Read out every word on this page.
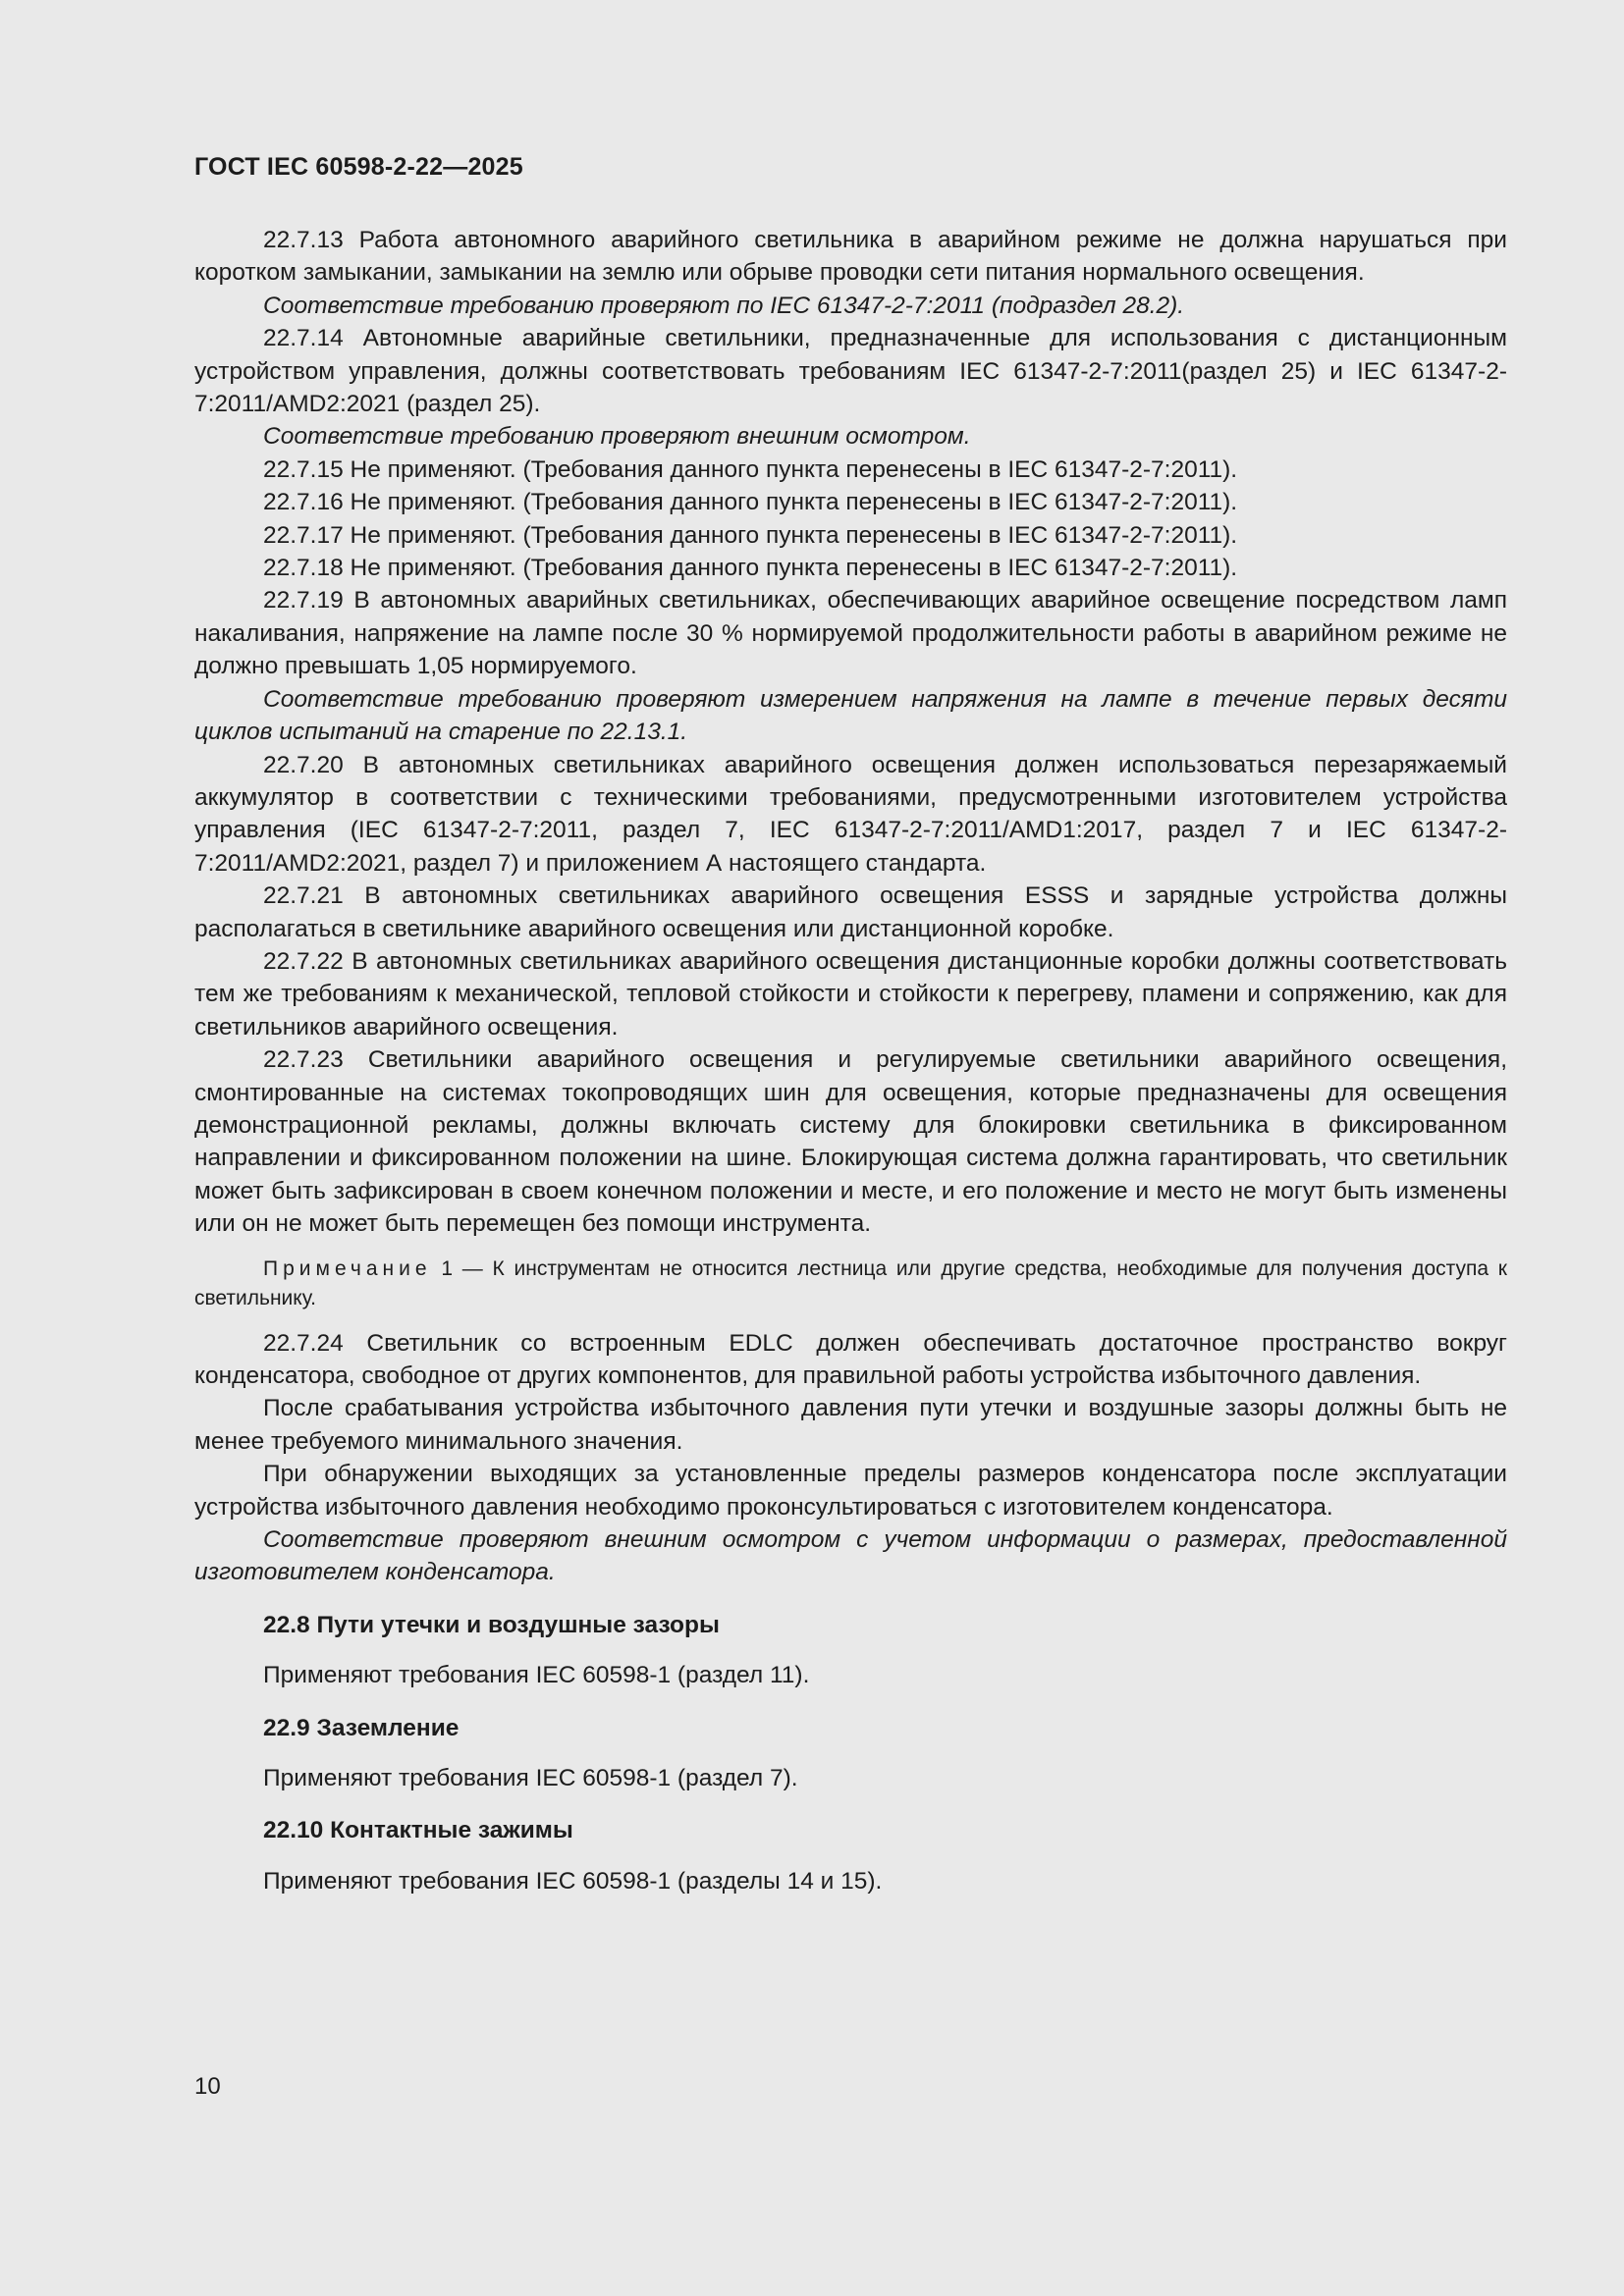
ГОСТ IEC 60598-2-22—2025

22.7.13 Работа автономного аварийного светильника в аварийном режиме не должна нарушаться при коротком замыкании, замыкании на землю или обрыве проводки сети питания нормального освещения.

Соответствие требованию проверяют по IEC 61347-2-7:2011 (подраздел 28.2).

22.7.14 Автономные аварийные светильники, предназначенные для использования с дистанционным устройством управления, должны соответствовать требованиям IEC 61347-2-7:2011(раздел 25) и IEC 61347-2-7:2011/AMD2:2021 (раздел 25).

Соответствие требованию проверяют внешним осмотром.

22.7.15 Не применяют. (Требования данного пункта перенесены в IEC 61347-2-7:2011).

22.7.16 Не применяют. (Требования данного пункта перенесены в IEC 61347-2-7:2011).

22.7.17 Не применяют. (Требования данного пункта перенесены в IEC 61347-2-7:2011).

22.7.18 Не применяют. (Требования данного пункта перенесены в IEC 61347-2-7:2011).

22.7.19 В автономных аварийных светильниках, обеспечивающих аварийное освещение посредством ламп накаливания, напряжение на лампе после 30 % нормируемой продолжительности работы в аварийном режиме не должно превышать 1,05 нормируемого.

Соответствие требованию проверяют измерением напряжения на лампе в течение первых десяти циклов испытаний на старение по 22.13.1.

22.7.20 В автономных светильниках аварийного освещения должен использоваться перезаряжаемый аккумулятор в соответствии с техническими требованиями, предусмотренными изготовителем устройства управления (IEC 61347-2-7:2011, раздел 7, IEC 61347-2-7:2011/AMD1:2017, раздел 7 и IEC 61347-2-7:2011/AMD2:2021, раздел 7) и приложением А настоящего стандарта.

22.7.21 В автономных светильниках аварийного освещения ESSS и зарядные устройства должны располагаться в светильнике аварийного освещения или дистанционной коробке.

22.7.22 В автономных светильниках аварийного освещения дистанционные коробки должны соответствовать тем же требованиям к механической, тепловой стойкости и стойкости к перегреву, пламени и сопряжению, как для светильников аварийного освещения.

22.7.23 Светильники аварийного освещения и регулируемые светильники аварийного освещения, смонтированные на системах токопроводящих шин для освещения, которые предназначены для освещения демонстрационной рекламы, должны включать систему для блокировки светильника в фиксированном направлении и фиксированном положении на шине. Блокирующая система должна гарантировать, что светильник может быть зафиксирован в своем конечном положении и месте, и его положение и место не могут быть изменены или он не может быть перемещен без помощи инструмента.

Примечание 1 — К инструментам не относится лестница или другие средства, необходимые для получения доступа к светильнику.

22.7.24 Светильник со встроенным EDLC должен обеспечивать достаточное пространство вокруг конденсатора, свободное от других компонентов, для правильной работы устройства избыточного давления.

После срабатывания устройства избыточного давления пути утечки и воздушные зазоры должны быть не менее требуемого минимального значения.

При обнаружении выходящих за установленные пределы размеров конденсатора после эксплуатации устройства избыточного давления необходимо проконсультироваться с изготовителем конденсатора.

Соответствие проверяют внешним осмотром с учетом информации о размерах, предоставленной изготовителем конденсатора.

22.8 Пути утечки и воздушные зазоры

Применяют требования IEC 60598-1 (раздел 11).

22.9 Заземление

Применяют требования IEC 60598-1 (раздел 7).

22.10 Контактные зажимы

Применяют требования IEC 60598-1 (разделы 14 и 15).

10
